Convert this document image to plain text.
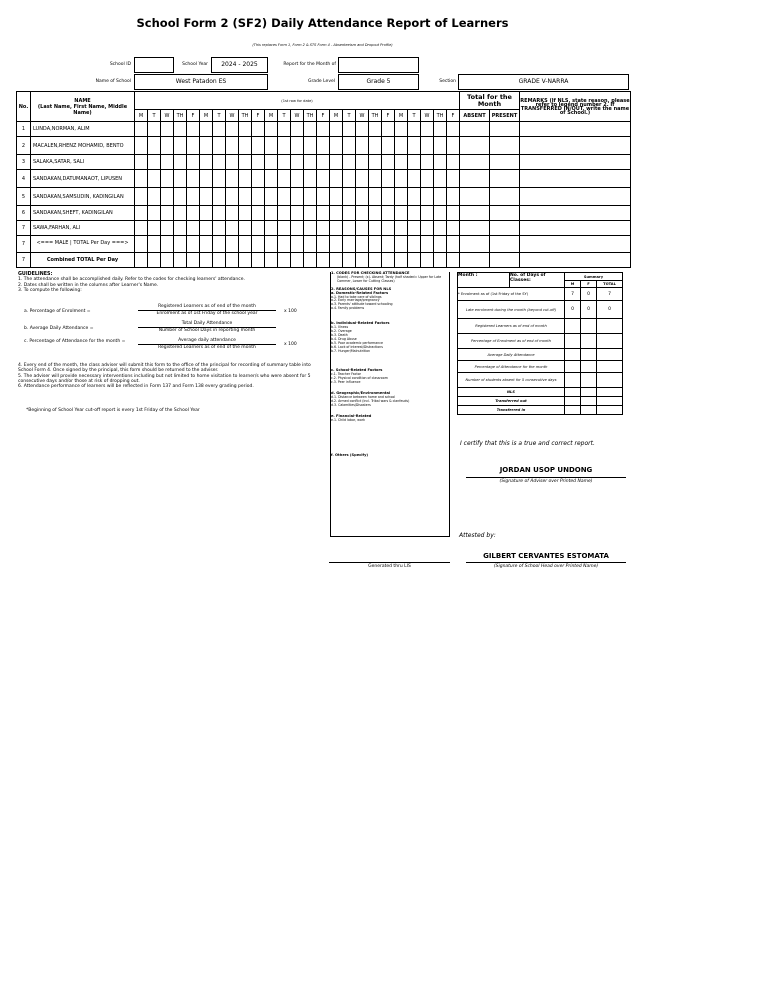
School Form 2 (SF2) Daily Attendance Report of Learners
(This replaces Form 1, Form 2 & STS Form 4 - Absenteeism and Dropout Profile)
School ID	School Year	2024 - 2025	Report for the Month of
Name of School	West Patadon ES	Grade Level	Grade 5	Section	GRADE V-NARRA
No.	NAME
(Last Name, First Name, Middle Name)	(1st row for date)																									Total for the Month		REMARKS (If NLS, state reason, please refer to legend number 2. If TRANSFERRED IN/OUT, write the name of School.)
		M	T	W	TH	F	M	T	W	TH	F	M	T	W	TH	F	M	T	W	TH	F	M	T	W	TH	F	ABSENT	PRESENT	
1	LUNDA,NORMAN, ALIM																												
2	MACALEN,RHENZ MOHAMID, BENTO																												
3	SALAKA,SATAR, SALI																												
4	SANDAKAN,DATUMANAOT, LIPUSEN																												
5	SANDAKAN,SAMSUDIN, KADINGILAN																												
6	SANDAKAN,SHEFT, KADINGILAN																												
7	SAWA,FARHAN, ALI																												
7	<=== MALE | TOTAL Per Day ===>																												
7	Combined TOTAL Per Day																												
GUIDELINES:
1. The attendance shall be accomplished daily. Refer to the codes for checking learners' attendance.
2. Dates shall be written in the columns after Learner's Name.
3. To compute the following:
a. Percentage of Enrolment =
Registered Learners as of end of the month
Enrolment as of 1st Friday of the school year	x 100
b. Average Daily Attendance =
Total Daily Attendance
Number of School Days in reporting month
c. Percentage of Attendance for the month =	Average daily attendance
Registered Learners as of end of the month
x 100
4. Every end of the month, the class adviser will submit this form to the office of the principal for recording of summary table into School Form 4. Once signed by the principal, this form should be returned to the adviser.
5. The adviser will provide necessary interventions including but not limited to home visitation to learner/s who were absent for 5 consecutive days and/or those at risk of dropping out.
6. Attendance performance of learners will be reflected in Form 137 and Form 138 every grading period.
*Beginning of School Year cut-off report is every 1st Friday of the School Year
1. CODES FOR CHECKING ATTENDANCE
(blank) - Present; (x)- Absent; Tardy (half shaded= Upper for Late Commer, Lower for Cutting Classes)
2. REASONS/CAUSES FOR NLS
a. Domestic-Related Factors
a.1. Had to take care of siblings
a.2. Early marriage/pregnancy
a.3. Parents' attitude toward schooling
a.4. Family problems
b. Individual-Related Factors
b.1. Illness
b.2. Overage
b.3. Death
b.4. Drug Abuse
b.5. Poor academic performance
b.6. Lack of interest/Distractions
b.7. Hunger/Malnutrition
c. School-Related Factors
c.1. Teacher Factor
c.2. Physical condition of classroom
c.3. Peer influence
d. Geographic/Environmental
d.1. Distance between home and school
d.2. Armed conflict (incl. Tribal wars & clanfeuds)
d.3. Calamities/Disasters
e. Financial-Related
e.1. Child labor, work
f. Others (Specify)
Month :	No. of Days of Classes:	Summary		
		M	F	TOTAL
* Enrolment as of (1st Friday of the SY)		7	0	7
Late enrolment during the month (beyond cut-off)		0	0	0
Registered Learners as of end of month				
Percentage of Enrolment as of end of month				
Average Daily Attendance				
Percentage of Attendance for the month				
Number of students absent for 5 consecutive days				
NLS				
Transferred out				
Transferred in				
I certify that this is a true and correct report.
JORDAN USOP UNDONG
(Signature of Adviser over Printed Name)
Attested by:
GILBERT CERVANTES ESTOMATA
(Signature of School Head over Printed Name)
Generated thru LIS
